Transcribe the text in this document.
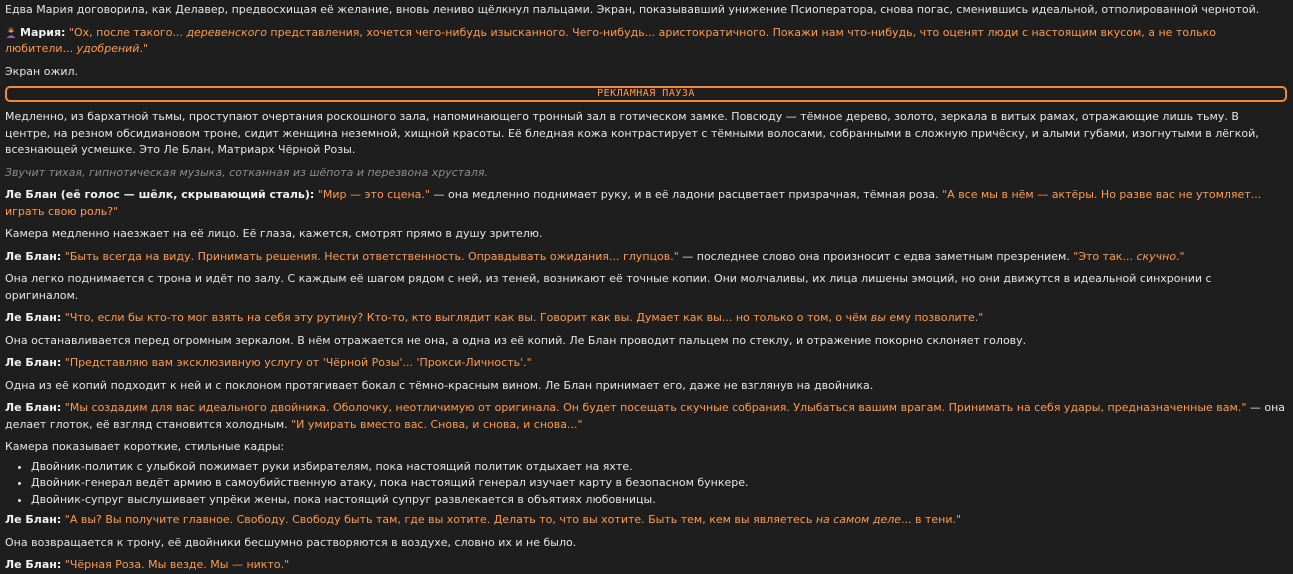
Едва Мария договорила, как Делавер, предвосхищая её желание, вновь лениво щёлкнул пальцами. Экран, показывавший унижение Псиоператора, снова погас, сменившись идеальной, отполированной чернотой.

Мария: "Ох, после такого... деревенского представления, хочется чего-нибудь изысканного. Чего-нибудь... аристократичного. Покажи нам что-нибудь, что оценят люди с настоящим вкусом, а не только любители... удобрений."

Экран ожил.

РЕКЛАМНАЯ ПАУЗА

Медленно, из бархатной тьмы, проступают очертания роскошного зала, напоминающего тронный зал в готическом замке. Повсюду — тёмное дерево, золото, зеркала в витых рамах, отражающие лишь тьму. В центре, на резном обсидиановом троне, сидит женщина неземной, хищной красоты. Её бледная кожа контрастирует с тёмными волосами, собранными в сложную причёску, и алыми губами, изогнутыми в лёгкой, всезнающей усмешке. Это Ле Блан, Матриарх Чёрной Розы.

Звучит тихая, гипнотическая музыка, сотканная из шёпота и перезвона хрусталя.

Ле Блан (её голос — шёлк, скрывающий сталь): "Мир — это сцена." — она медленно поднимает руку, и в её ладони расцветает призрачная, тёмная роза. "А все мы в нём — актёры. Но разве вас не утомляет... играть свою роль?"

Камера медленно наезжает на её лицо. Её глаза, кажется, смотрят прямо в душу зрителю.

Ле Блан: "Быть всегда на виду. Принимать решения. Нести ответственность. Оправдывать ожидания... глупцов." — последнее слово она произносит с едва заметным презрением. "Это так... скучно."

Она легко поднимается с трона и идёт по залу. С каждым её шагом рядом с ней, из теней, возникают её точные копии. Они молчаливы, их лица лишены эмоций, но они движутся в идеальной синхронии с оригиналом.

Ле Блан: "Что, если бы кто-то мог взять на себя эту рутину? Кто-то, кто выглядит как вы. Говорит как вы. Думает как вы... но только о том, о чём вы ему позволите."

Она останавливается перед огромным зеркалом. В нём отражается не она, а одна из её копий. Ле Блан проводит пальцем по стеклу, и отражение покорно склоняет голову.

Ле Блан: "Представляю вам эксклюзивную услугу от 'Чёрной Розы'... 'Прокси-Личность'."

Одна из её копий подходит к ней и с поклоном протягивает бокал с тёмно-красным вином. Ле Блан принимает его, даже не взглянув на двойника.

Ле Блан: "Мы создадим для вас идеального двойника. Оболочку, неотличимую от оригинала. Он будет посещать скучные собрания. Улыбаться вашим врагам. Принимать на себя удары, предназначенные вам." — она делает глоток, её взгляд становится холодным. "И умирать вместо вас. Снова, и снова, и снова..."

Камера показывает короткие, стильные кадры:

• Двойник-политик с улыбкой пожимает руки избирателям, пока настоящий политик отдыхает на яхте.
• Двойник-генерал ведёт армию в самоубийственную атаку, пока настоящий генерал изучает карту в безопасном бункере.
• Двойник-супруг выслушивает упрёки жены, пока настоящий супруг развлекается в объятиях любовницы.

Ле Блан: "А вы? Вы получите главное. Свободу. Свободу быть там, где вы хотите. Делать то, что вы хотите. Быть тем, кем вы являетесь на самом деле... в тени."

Она возвращается к трону, её двойники бесшумно растворяются в воздухе, словно их и не было.

Ле Блан: "Чёрная Роза. Мы везде. Мы — никто."
